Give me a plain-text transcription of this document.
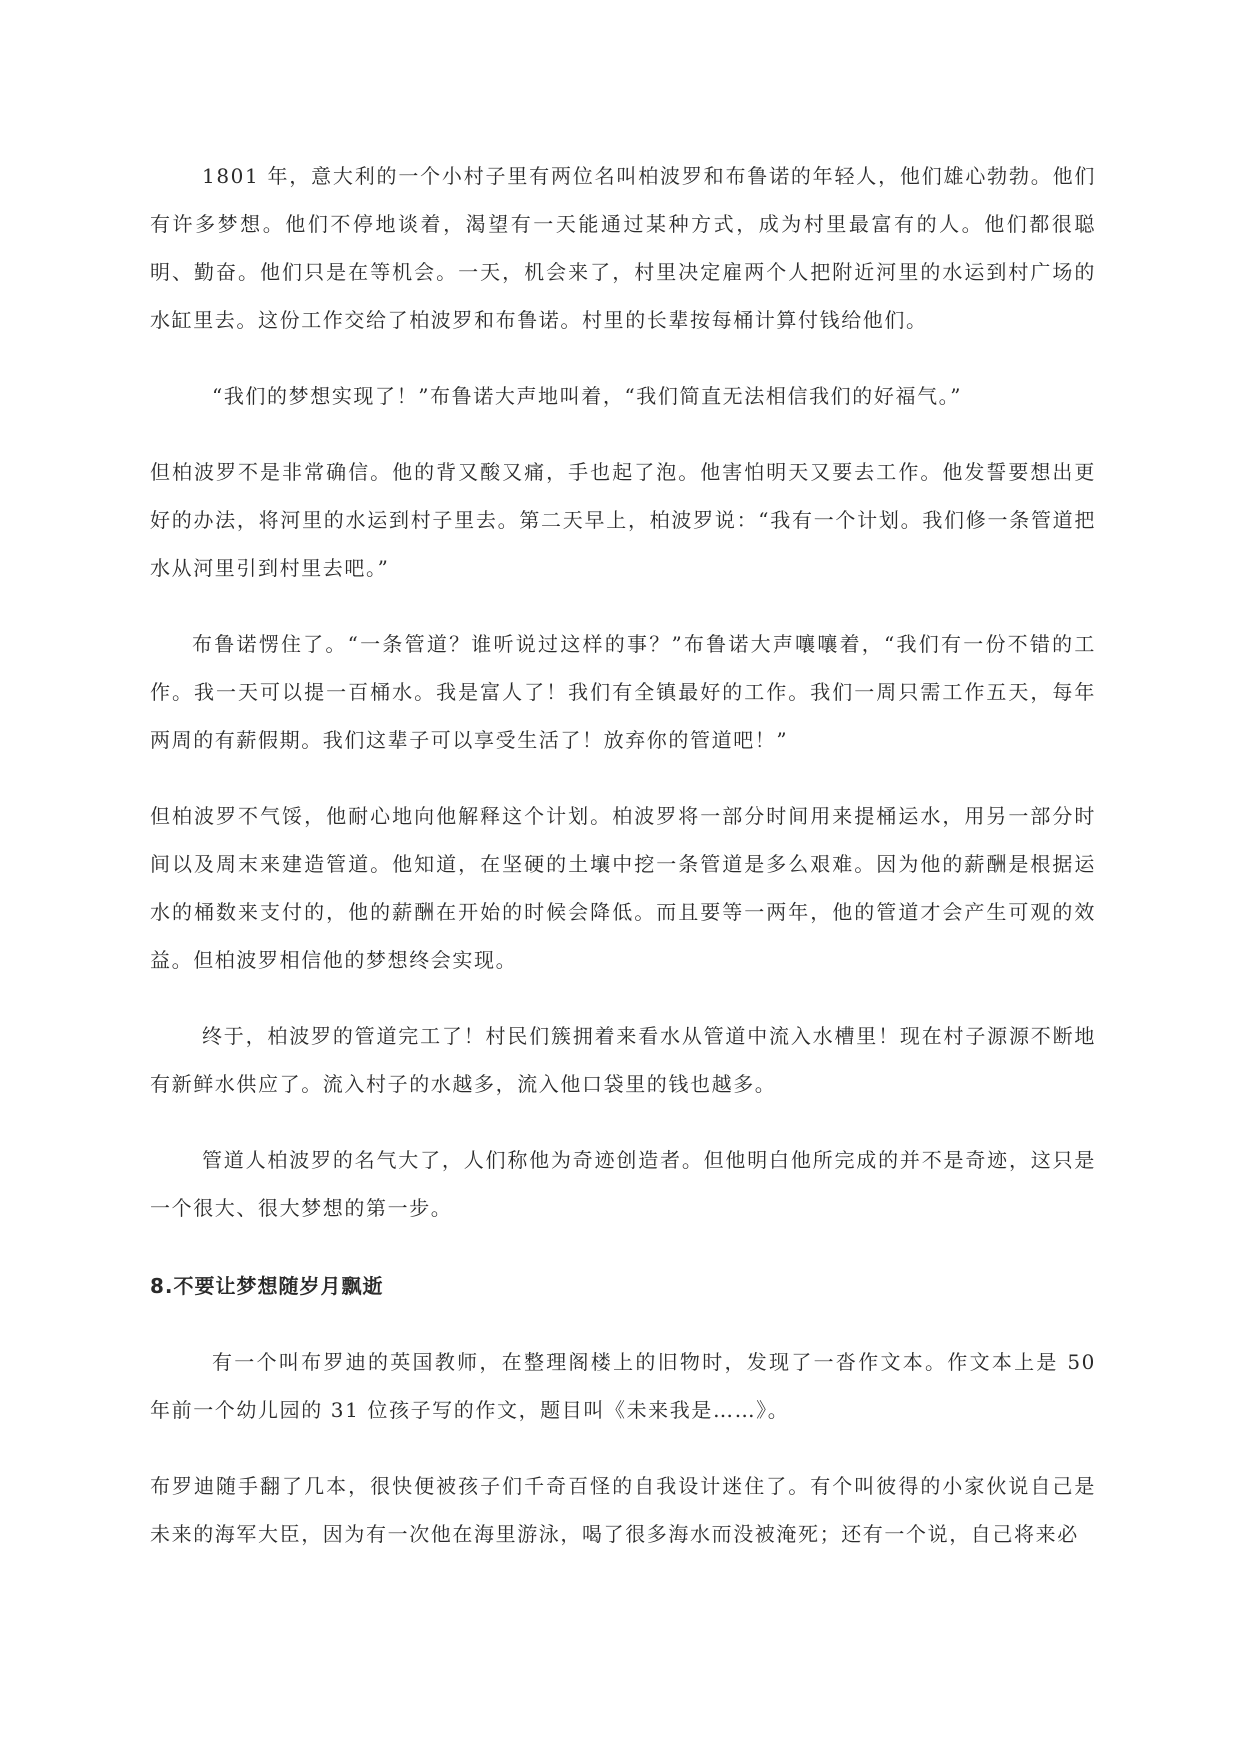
1801 年，意大利的一个小村子里有两位名叫柏波罗和布鲁诺的年轻人，他们雄心勃勃。他们有许多梦想。他们不停地谈着，渴望有一天能通过某种方式，成为村里最富有的人。他们都很聪明、勤奋。他们只是在等机会。一天，机会来了，村里决定雇两个人把附近河里的水运到村广场的水缸里去。这份工作交给了柏波罗和布鲁诺。村里的长辈按每桶计算付钱给他们。

“我们的梦想实现了！”布鲁诺大声地叫着，“我们简直无法相信我们的好福气。”

但柏波罗不是非常确信。他的背又酸又痛，手也起了泡。他害怕明天又要去工作。他发誓要想出更好的办法，将河里的水运到村子里去。第二天早上，柏波罗说：“我有一个计划。我们修一条管道把水从河里引到村里去吧。”

布鲁诺愣住了。“一条管道？谁听说过这样的事？”布鲁诺大声嚷嚷着，“我们有一份不错的工作。我一天可以提一百桶水。我是富人了！我们有全镇最好的工作。我们一周只需工作五天，每年两周的有薪假期。我们这辈子可以享受生活了！放弃你的管道吧！”

但柏波罗不气馁，他耐心地向他解释这个计划。柏波罗将一部分时间用来提桶运水，用另一部分时间以及周末来建造管道。他知道，在坚硬的土壤中挖一条管道是多么艰难。因为他的薪酬是根据运水的桶数来支付的，他的薪酬在开始的时候会降低。而且要等一两年，他的管道才会产生可观的效益。但柏波罗相信他的梦想终会实现。

终于，柏波罗的管道完工了！村民们簇拥着来看水从管道中流入水槽里！现在村子源源不断地有新鲜水供应了。流入村子的水越多，流入他口袋里的钱也越多。

管道人柏波罗的名气大了，人们称他为奇迹创造者。但他明白他所完成的并不是奇迹，这只是一个很大、很大梦想的第一步。

8.不要让梦想随岁月飘逝

有一个叫布罗迪的英国教师，在整理阁楼上的旧物时，发现了一沓作文本。作文本上是 50 年前一个幼儿园的 31 位孩子写的作文，题目叫《未来我是……》。

布罗迪随手翻了几本，很快便被孩子们千奇百怪的自我设计迷住了。有个叫彼得的小家伙说自己是未来的海军大臣，因为有一次他在海里游泳，喝了很多海水而没被淹死；还有一个说，自己将来必
